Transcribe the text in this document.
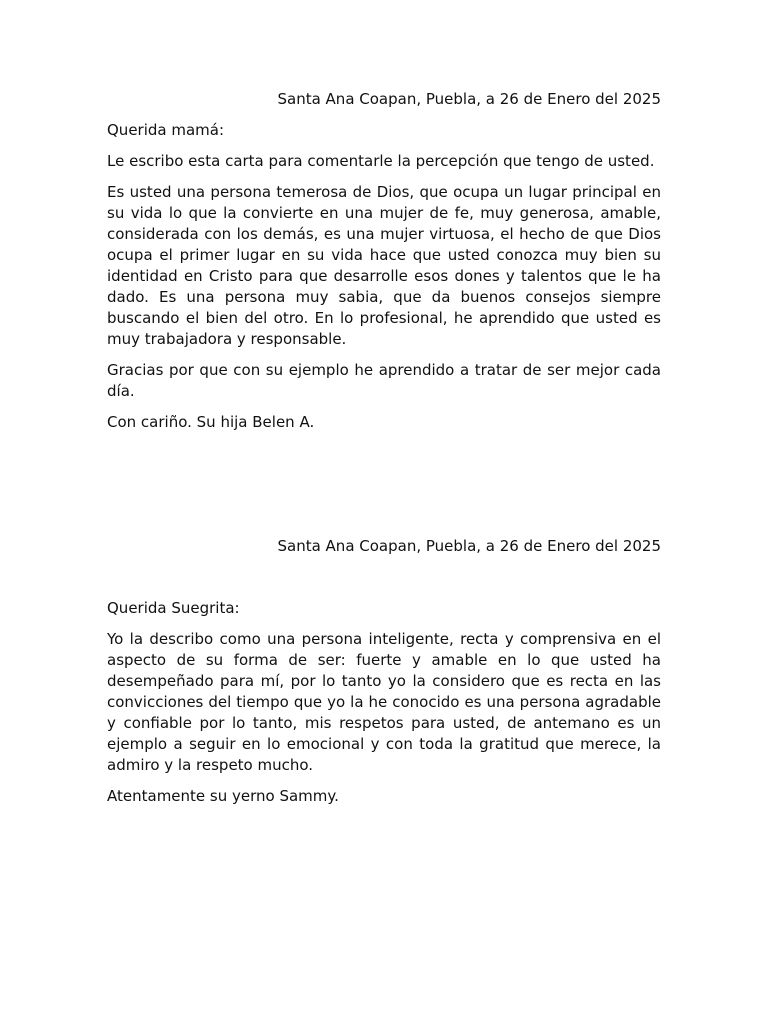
Santa Ana Coapan, Puebla, a 26 de Enero del 2025

Querida mamá:

Le escribo esta carta para comentarle la percepción que tengo de usted.

Es usted una persona temerosa de Dios, que ocupa un lugar principal en su vida lo que la convierte en una mujer de fe, muy generosa, amable, considerada con los demás, es una mujer virtuosa, el hecho de que Dios ocupa el primer lugar en su vida hace que usted conozca muy bien su identidad en Cristo para que desarrolle esos dones y talentos que le ha dado. Es una persona muy sabia, que da buenos consejos siempre buscando el bien del otro. En lo profesional, he aprendido que usted es muy trabajadora y responsable.

Gracias por que con su ejemplo he aprendido a tratar de ser mejor cada día.

Con cariño. Su hija Belen A.

Santa Ana Coapan, Puebla, a 26 de Enero del 2025

Querida Suegrita:

Yo la describo como una persona inteligente, recta y comprensiva en el aspecto de su forma de ser: fuerte y amable en lo que usted ha desempeñado para mí, por lo tanto yo la considero que es recta en las convicciones del tiempo que yo la he conocido es una persona agradable y confiable por lo tanto, mis respetos para usted, de antemano es un ejemplo a seguir en lo emocional y con toda la gratitud que merece, la admiro y la respeto mucho.

Atentamente su yerno Sammy.
